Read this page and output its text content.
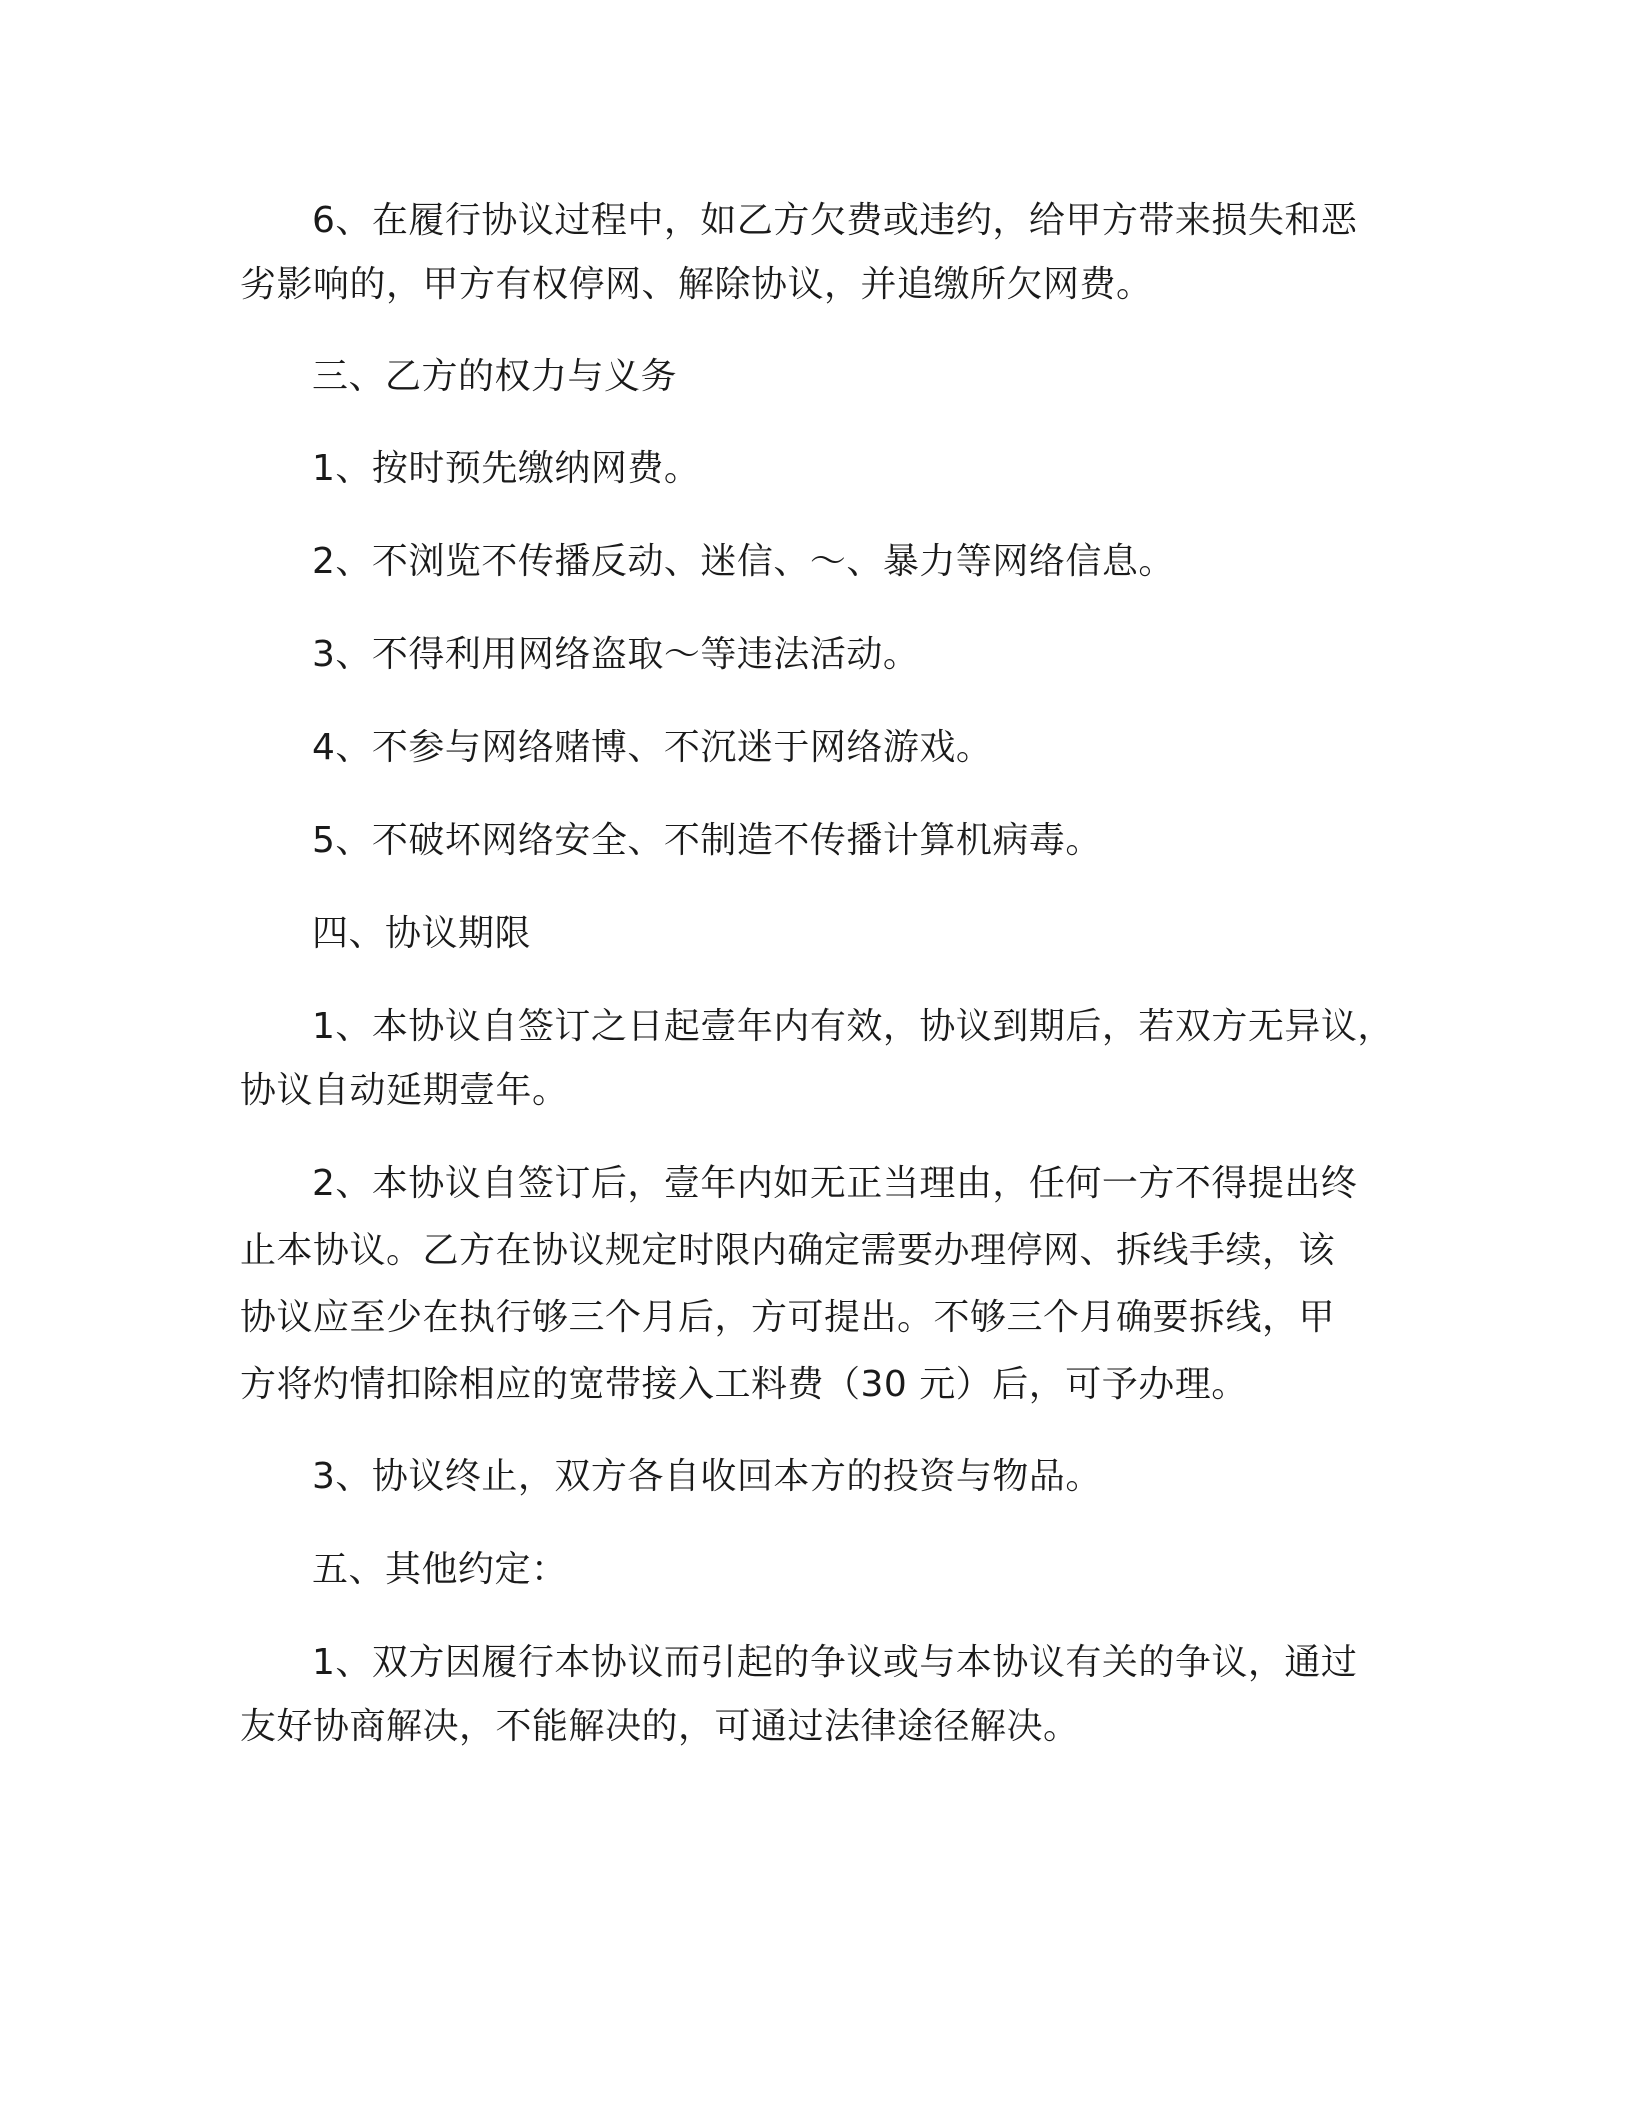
6、在履行协议过程中，如乙方欠费或违约，给甲方带来损失和恶

劣影响的，甲方有权停网、解除协议，并追缴所欠网费。

三、乙方的权力与义务

1、按时预先缴纳网费。

2、不浏览不传播反动、迷信、～、暴力等网络信息。

3、不得利用网络盗取～等违法活动。

4、不参与网络赌博、不沉迷于网络游戏。

5、不破坏网络安全、不制造不传播计算机病毒。

四、协议期限

1、本协议自签订之日起壹年内有效，协议到期后，若双方无异议，

协议自动延期壹年。

2、本协议自签订后，壹年内如无正当理由，任何一方不得提出终

止本协议。乙方在协议规定时限内确定需要办理停网、拆线手续，该

协议应至少在执行够三个月后，方可提出。不够三个月确要拆线，甲

方将灼情扣除相应的宽带接入工料费（30 元）后，可予办理。

3、协议终止，双方各自收回本方的投资与物品。

五、其他约定：

1、双方因履行本协议而引起的争议或与本协议有关的争议，通过

友好协商解决，不能解决的，可通过法律途径解决。
